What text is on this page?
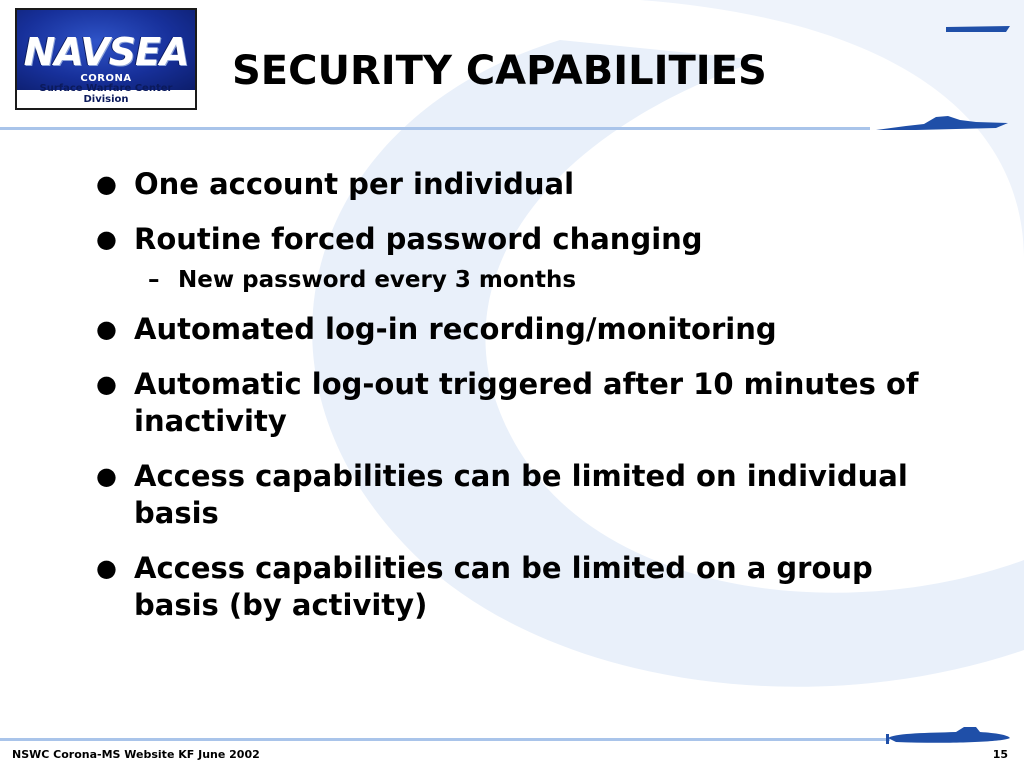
NAVSEA
CORONA
Surface Warfare Center Division
SECURITY CAPABILITIES
● One account per individual
● Routine forced password changing
– New password every 3 months
● Automated log-in recording/monitoring
● Automatic log-out triggered after 10 minutes of inactivity
● Access capabilities can be limited on individual basis
● Access capabilities can be limited on a group basis (by activity)
NSWC Corona-MS Website KF June 2002	15
